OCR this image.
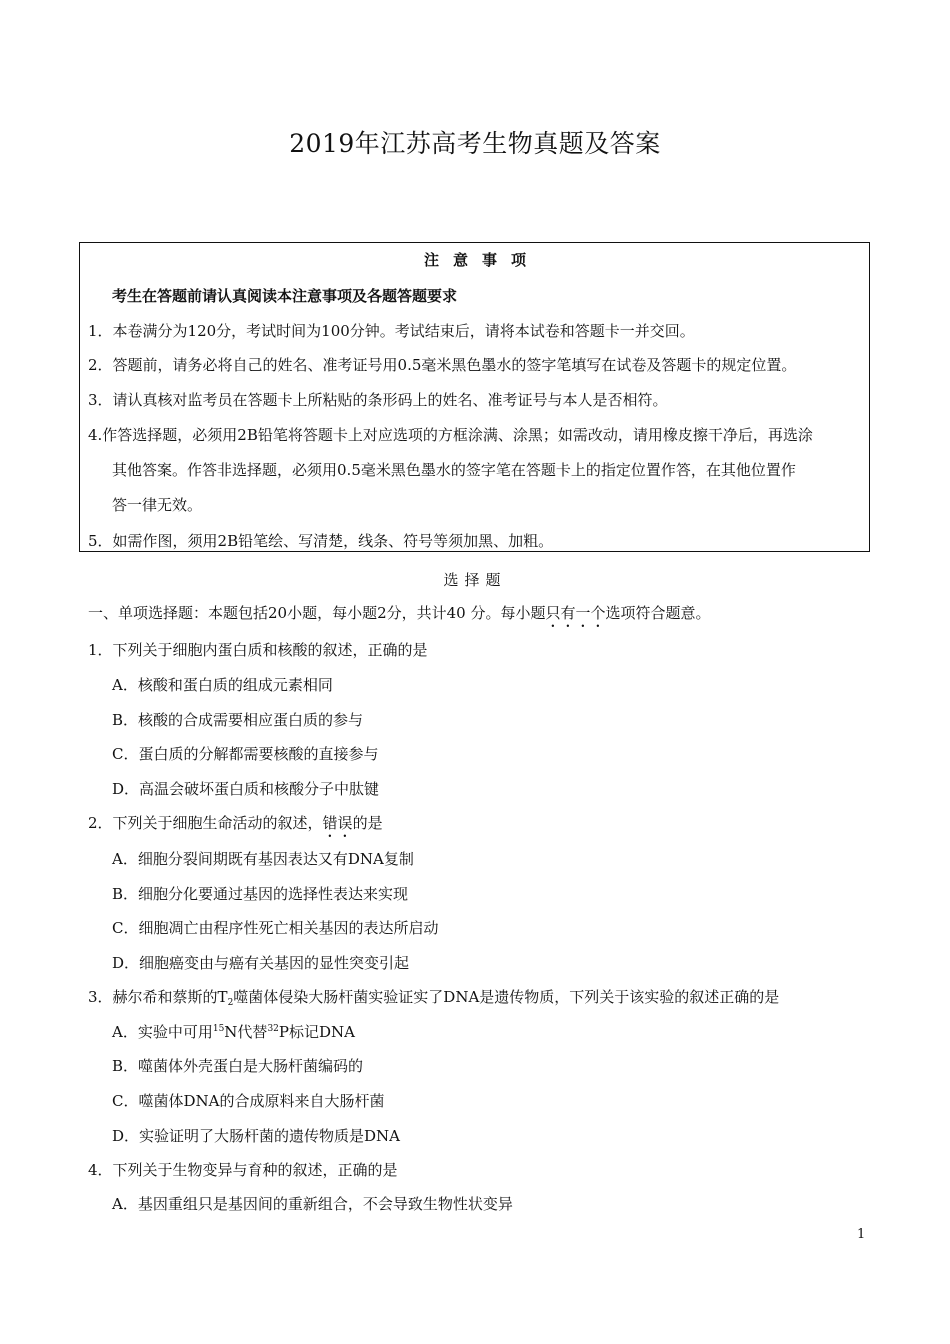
2019年江苏高考生物真题及答案
注意事项
考生在答题前请认真阅读本注意事项及各题答题要求
1．本卷满分为120分，考试时间为100分钟。考试结束后，请将本试卷和答题卡一并交回。
2．答题前，请务必将自己的姓名、准考证号用0.5毫米黑色墨水的签字笔填写在试卷及答题卡的规定位置。
3．请认真核对监考员在答题卡上所粘贴的条形码上的姓名、准考证号与本人是否相符。
4.作答选择题，必须用2B铅笔将答题卡上对应选项的方框涂满、涂黑；如需改动，请用橡皮擦干净后，再选涂
其他答案。作答非选择题，必须用0.5毫米黑色墨水的签字笔在答题卡上的指定位置作答，在其他位置作
答一律无效。
5．如需作图，须用2B铅笔绘、写清楚，线条、符号等须加黑、加粗。
选择题
一、单项选择题：本题包括20小题，每小题2分，共计40 分。每小题只有一个选项符合题意。
1．下列关于细胞内蛋白质和核酸的叙述，正确的是
A．核酸和蛋白质的组成元素相同
B．核酸的合成需要相应蛋白质的参与
C．蛋白质的分解都需要核酸的直接参与
D．高温会破坏蛋白质和核酸分子中肽键
2．下列关于细胞生命活动的叙述，错误的是
A．细胞分裂间期既有基因表达又有DNA复制
B．细胞分化要通过基因的选择性表达来实现
C．细胞凋亡由程序性死亡相关基因的表达所启动
D．细胞癌变由与癌有关基因的显性突变引起
3．赫尔希和蔡斯的$T_2$噬菌体侵染大肠杆菌实验证实了DNA是遗传物质，下列关于该实验的叙述正确的是
A．实验中可用$^{15}$N代替$^{32}$P标记DNA
B．噬菌体外壳蛋白是大肠杆菌编码的
C．噬菌体DNA的合成原料来自大肠杆菌
D．实验证明了大肠杆菌的遗传物质是DNA
4．下列关于生物变异与育种的叙述，正确的是
A．基因重组只是基因间的重新组合，不会导致生物性状变异
1
